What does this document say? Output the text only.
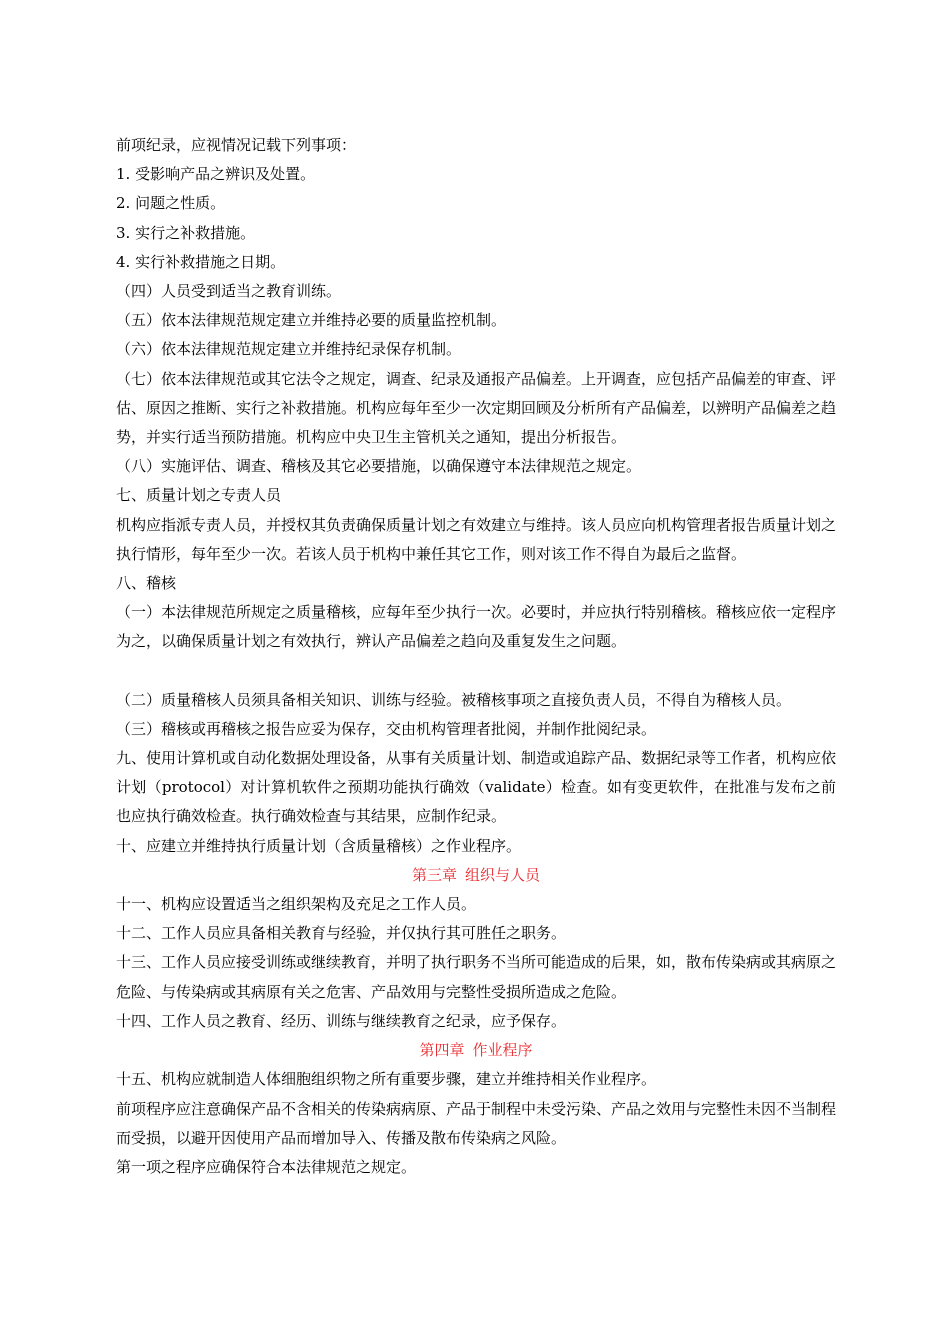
前项纪录，应视情况记载下列事项：

1. 受影响产品之辨识及处置。

2. 问题之性质。

3. 实行之补救措施。

4. 实行补救措施之日期。

（四）人员受到适当之教育训练。

（五）依本法律规范规定建立并维持必要的质量监控机制。

（六）依本法律规范规定建立并维持纪录保存机制。

（七）依本法律规范或其它法令之规定，调查、纪录及通报产品偏差。上开调查，应包括产品偏差的审查、评估、原因之推断、实行之补救措施。机构应每年至少一次定期回顾及分析所有产品偏差，以辨明产品偏差之趋势，并实行适当预防措施。机构应中央卫生主管机关之通知，提出分析报告。

（八）实施评估、调查、稽核及其它必要措施，以确保遵守本法律规范之规定。

七、质量计划之专责人员

机构应指派专责人员，并授权其负责确保质量计划之有效建立与维持。该人员应向机构管理者报告质量计划之执行情形，每年至少一次。若该人员于机构中兼任其它工作，则对该工作不得自为最后之监督。

八、稽核

（一）本法律规范所规定之质量稽核，应每年至少执行一次。必要时，并应执行特别稽核。稽核应依一定程序为之，以确保质量计划之有效执行，辨认产品偏差之趋向及重复发生之问题。

（二）质量稽核人员须具备相关知识、训练与经验。被稽核事项之直接负责人员，不得自为稽核人员。

（三）稽核或再稽核之报告应妥为保存，交由机构管理者批阅，并制作批阅纪录。

九、使用计算机或自动化数据处理设备，从事有关质量计划、制造或追踪产品、数据纪录等工作者，机构应依计划（protocol）对计算机软件之预期功能执行确效（validate）检查。如有变更软件，在批准与发布之前也应执行确效检查。执行确效检查与其结果，应制作纪录。

十、应建立并维持执行质量计划（含质量稽核）之作业程序。

第三章 组织与人员

十一、机构应设置适当之组织架构及充足之工作人员。

十二、工作人员应具备相关教育与经验，并仅执行其可胜任之职务。

十三、工作人员应接受训练或继续教育，并明了执行职务不当所可能造成的后果，如，散布传染病或其病原之危险、与传染病或其病原有关之危害、产品效用与完整性受损所造成之危险。

十四、工作人员之教育、经历、训练与继续教育之纪录，应予保存。

第四章 作业程序

十五、机构应就制造人体细胞组织物之所有重要步骤，建立并维持相关作业程序。

前项程序应注意确保产品不含相关的传染病病原、产品于制程中未受污染、产品之效用与完整性未因不当制程而受损，以避开因使用产品而增加导入、传播及散布传染病之风险。

第一项之程序应确保符合本法律规范之规定。
